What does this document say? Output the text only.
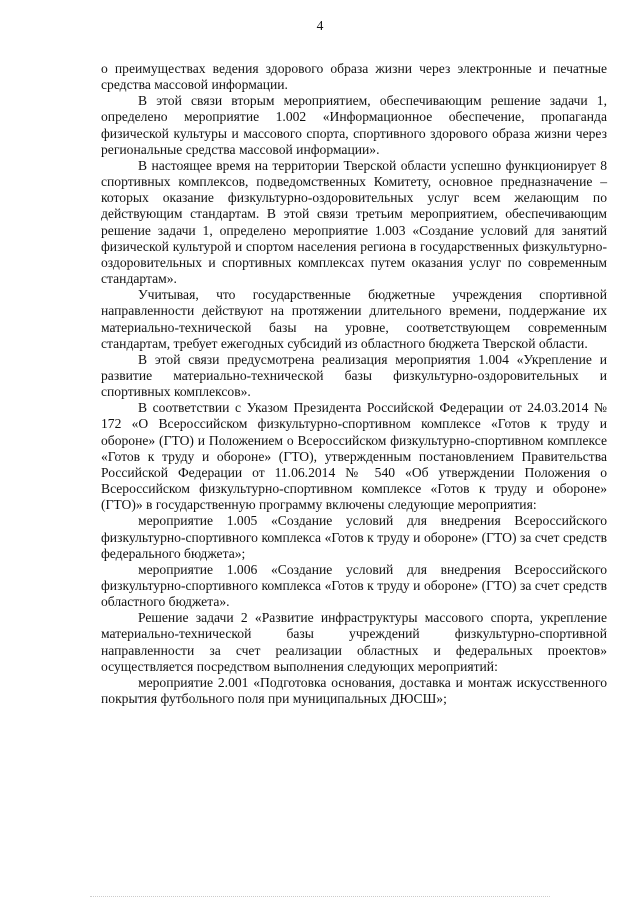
4

о преимуществах ведения здорового образа жизни через электронные и печатные средства массовой информации.

В этой связи вторым мероприятием, обеспечивающим решение задачи 1, определено мероприятие 1.002 «Информационное обеспечение, пропаганда физической культуры и массового спорта, спортивного здорового образа жизни через региональные средства массовой информации».

В настоящее время на территории Тверской области успешно функционирует 8 спортивных комплексов, подведомственных Комитету, основное предназначение – которых оказание физкультурно-оздоровительных услуг всем желающим по действующим стандартам. В этой связи третьим мероприятием, обеспечивающим решение задачи 1, определено мероприятие 1.003 «Создание условий для занятий физической культурой и спортом населения региона в государственных физкультурно-оздоровительных и спортивных комплексах путем оказания услуг по современным стандартам».

Учитывая, что государственные бюджетные учреждения спортивной направленности действуют на протяжении длительного времени, поддержание их материально-технической базы на уровне, соответствующем современным стандартам, требует ежегодных субсидий из областного бюджета Тверской области.

В этой связи предусмотрена реализация мероприятия 1.004 «Укрепление и развитие материально-технической базы физкультурно-оздоровительных и спортивных комплексов».

В соответствии с Указом Президента Российской Федерации от 24.03.2014 № 172 «О Всероссийском физкультурно-спортивном комплексе «Готов к труду и обороне» (ГТО) и Положением о Всероссийском физкультурно-спортивном комплексе «Готов к труду и обороне» (ГТО), утвержденным постановлением Правительства Российской Федерации от 11.06.2014 № 540 «Об утверждении Положения о Всероссийском физкультурно-спортивном комплексе «Готов к труду и обороне» (ГТО)» в государственную программу включены следующие мероприятия:

мероприятие 1.005 «Создание условий для внедрения Всероссийского физкультурно-спортивного комплекса «Готов к труду и обороне» (ГТО) за счет средств федерального бюджета»;

мероприятие 1.006 «Создание условий для внедрения Всероссийского физкультурно-спортивного комплекса «Готов к труду и обороне» (ГТО) за счет средств областного бюджета».

Решение задачи 2 «Развитие инфраструктуры массового спорта, укрепление материально-технической базы учреждений физкультурно-спортивной направленности за счет реализации областных и федеральных проектов» осуществляется посредством выполнения следующих мероприятий:

мероприятие 2.001 «Подготовка основания, доставка и монтаж искусственного покрытия футбольного поля при муниципальных ДЮСШ»;
